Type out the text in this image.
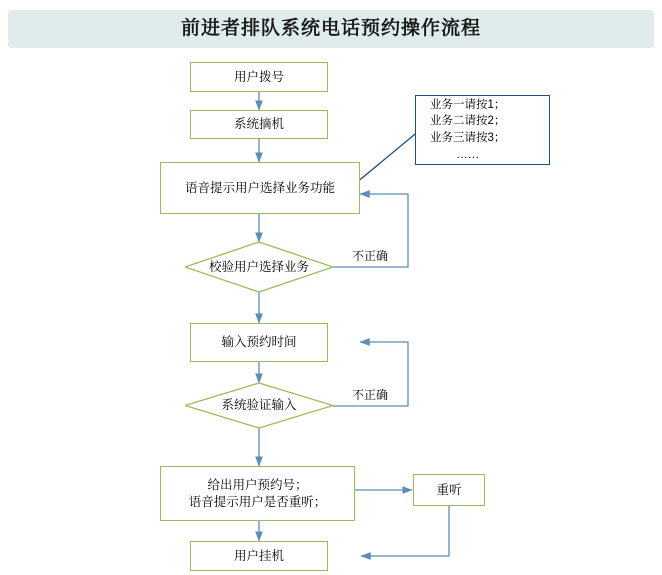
前进者排队系统电话预约操作流程
用户拨号
系统摘机
语音提示用户选择业务功能
业务一请按1；
业务二请按2；
业务三请按3；
……
校验用户 选择业务
不正确
输入预约时间
系统验证 输入
不正确
给出用户预约号；
语音提示用户是否重听；
重听
用户挂机
